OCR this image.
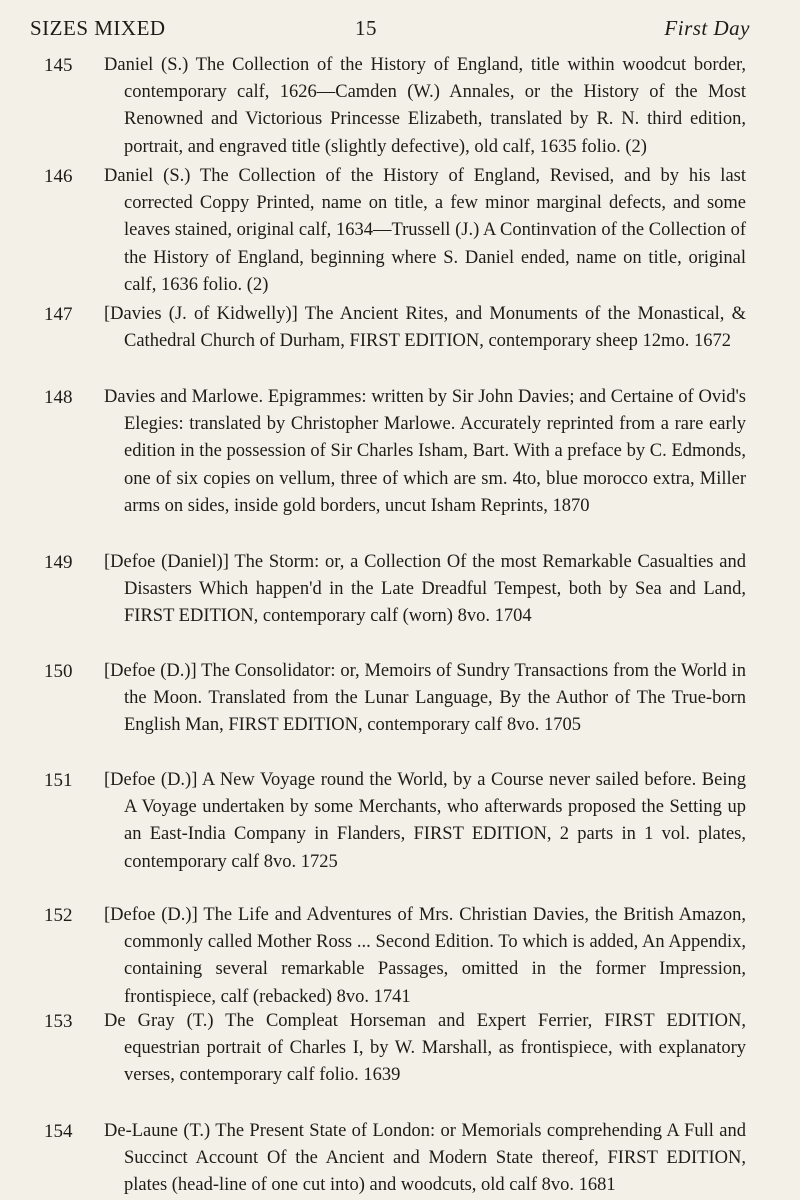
SIZES MIXED	15	First Day
145 Daniel (S.) The Collection of the History of England, title within woodcut border, contemporary calf, 1626—Camden (W.) Annales, or the History of the Most Renowned and Victorious Princesse Elizabeth, translated by R. N. third edition, portrait, and engraved title (slightly defective), old calf, 1635 folio. (2)
146 Daniel (S.) The Collection of the History of England, Revised, and by his last corrected Coppy Printed, name on title, a few minor marginal defects, and some leaves stained, original calf, 1634—Trussell (J.) A Continvation of the Collection of the History of England, beginning where S. Daniel ended, name on title, original calf, 1636 folio. (2)
147 [Davies (J. of Kidwelly)] The Ancient Rites, and Monuments of the Monastical, & Cathedral Church of Durham, FIRST EDITION, contemporary sheep 12mo. 1672
148 Davies and Marlowe. Epigrammes: written by Sir John Davies; and Certaine of Ovid's Elegies: translated by Christopher Marlowe. Accurately reprinted from a rare early edition in the possession of Sir Charles Isham, Bart. With a preface by C. Edmonds, one of six copies on vellum, three of which are sm. 4to, blue morocco extra, Miller arms on sides, inside gold borders, uncut Isham Reprints, 1870
149 [Defoe (Daniel)] The Storm: or, a Collection Of the most Remarkable Casualties and Disasters Which happen'd in the Late Dreadful Tempest, both by Sea and Land, FIRST EDITION, contemporary calf (worn) 8vo. 1704
150 [Defoe (D.)] The Consolidator: or, Memoirs of Sundry Transactions from the World in the Moon. Translated from the Lunar Language, By the Author of The True-born English Man, FIRST EDITION, contemporary calf 8vo. 1705
151 [Defoe (D.)] A New Voyage round the World, by a Course never sailed before. Being A Voyage undertaken by some Merchants, who afterwards proposed the Setting up an East-India Company in Flanders, FIRST EDITION, 2 parts in 1 vol. plates, contemporary calf 8vo. 1725
152 [Defoe (D.)] The Life and Adventures of Mrs. Christian Davies, the British Amazon, commonly called Mother Ross ... Second Edition. To which is added, An Appendix, containing several remarkable Passages, omitted in the former Impression, frontispiece, calf (rebacked) 8vo. 1741
153 De Gray (T.) The Compleat Horseman and Expert Ferrier, FIRST EDITION, equestrian portrait of Charles I, by W. Marshall, as frontispiece, with explanatory verses, contemporary calf folio. 1639
154 De-Laune (T.) The Present State of London: or Memorials comprehending A Full and Succinct Account Of the Ancient and Modern State thereof, FIRST EDITION, plates (head-line of one cut into) and woodcuts, old calf 8vo. 1681
